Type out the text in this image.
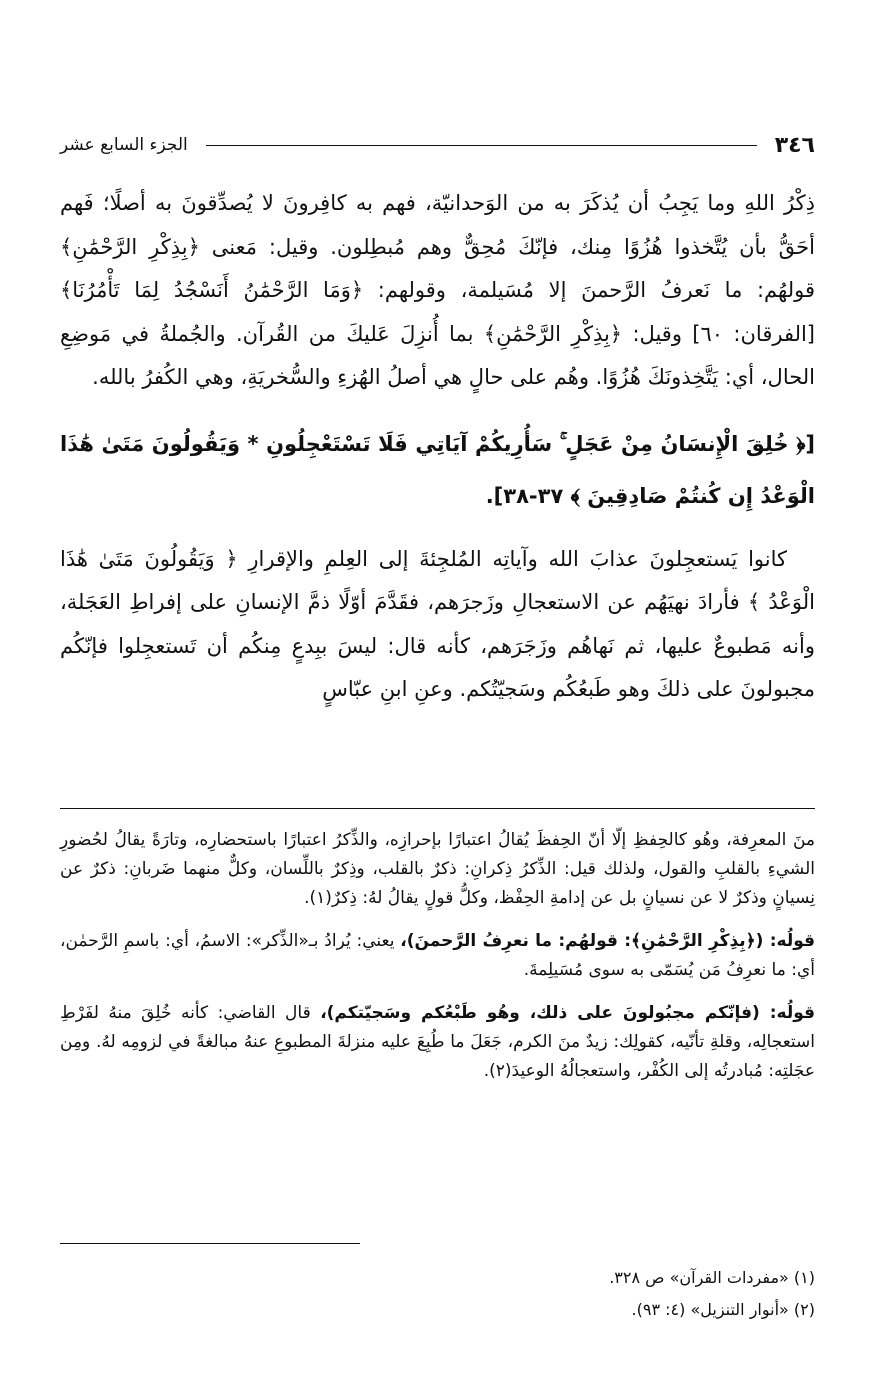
٣٤٦
الجزء السابع عشر

ذِكْرُ اللهِ وما يَجِبُ أن يُذكَرَ به من الوَحدانيّة، فهم به كافِرونَ لا يُصدِّقونَ به أصلًا؛ فَهم أحَقُّ بأن يُتَّخذوا هُزُوًا مِنك، فإنّكَ مُحِقٌّ وهم مُبطِلون. وقيل: مَعنى ﴿بِذِكْرِ الرَّحْمَٰنِ﴾ قولهُم: ما نَعرفُ الرَّحمنَ إلا مُسَيلمة، وقولهم: ﴿وَمَا الرَّحْمَٰنُ أَنَسْجُدُ لِمَا تَأْمُرُنَا﴾ [الفرقان: ٦٠] وقيل: ﴿بِذِكْرِ الرَّحْمَٰنِ﴾ بما أُنزِلَ عَليكَ من القُرآن. والجُملةُ في مَوضِعِ الحال، أي: يَتَّخِذونَكَ هُزُوًا. وهُم على حالٍ هي أصلُ الهُزءِ والسُّخريَةِ، وهي الكُفرُ بالله.

[﴿ خُلِقَ الْإِنسَانُ مِنْ عَجَلٍ ۚ سَأُرِيكُمْ آيَاتِي فَلَا تَسْتَعْجِلُونِ * وَيَقُولُونَ مَتَىٰ هَٰذَا الْوَعْدُ إِن كُنتُمْ صَادِقِينَ ﴾ ٣٧-٣٨].

كانوا يَستعجِلونَ عذابَ الله وآياتِه المُلجِئةَ إلى العِلمِ والإقرارِ ﴿ وَيَقُولُونَ مَتَىٰ هَٰذَا الْوَعْدُ ﴾ فأرادَ نهيَهُم عن الاستعجالِ وزَجرَهم، فقَدَّمَ أوّلًا ذمَّ الإنسانِ على إفراطِ العَجَلة، وأنه مَطبوعٌ عليها، ثم نَهاهُم وزَجَرَهم، كأنه قال: ليسَ ببِدعٍ مِنكُم أن تَستعجِلوا فإنّكُم مجبولونَ على ذلكَ وهو طَبعُكُم وسَجيّتُكم. وعنِ ابنِ عبّاسٍ

منَ المعرِفة، وهُو كالحِفظِ إلّا أنّ الحِفظَ يُقالُ اعتبارًا بإحرازِه، والذِّكرُ اعتبارًا باستحضارِه، وتارَةً يقالُ لحُضورِ الشيءِ بالقلبِ والقول، ولذلك قيل: الذِّكرُ ذِكرانِ: ذكرٌ بالقلب، وذِكرٌ باللِّسان، وكلٌّ منهما ضَربانِ: ذكرٌ عن نِسيانٍ وذكرٌ لا عن نسيانٍ بل عن إدامةِ الحِفْظ، وكلُّ قولٍ يقالُ لهُ: ذِكرٌ(١).

قولُه: (﴿بِذِكْرِ الرَّحْمَٰنِ﴾: قولهُم: ما نعرِفُ الرَّحمنَ)، يعني: يُرادُ بـ«الذِّكر»: الاسمُ، أي: باسمِ الرَّحمٰن، أي: ما نعرِفُ مَن يُسَمّى به سوى مُسَيلِمةَ.

قولُه: (فإنّكم مجبُولونَ على ذلك، وهُو طَبْعُكم وسَجيّتكم)، قال القاضي: كأنه خُلِقَ منهُ لفَرْطِ استعجالِه، وقلةِ تأنّيه، كقولِك: زيدٌ منَ الكرم، جَعَلَ ما طُبِعَ عليه منزلةَ المطبوعِ عنهُ مبالغةً في لزومِه لهُ. ومِن عجَلتِه: مُبادرتُه إلى الكُفْر، واستعجالُهُ الوعيدَ(٢).

(١) «مفردات القرآن» ص ٣٢٨.

(٢) «أنوار التنزيل» (٤: ٩٣).
